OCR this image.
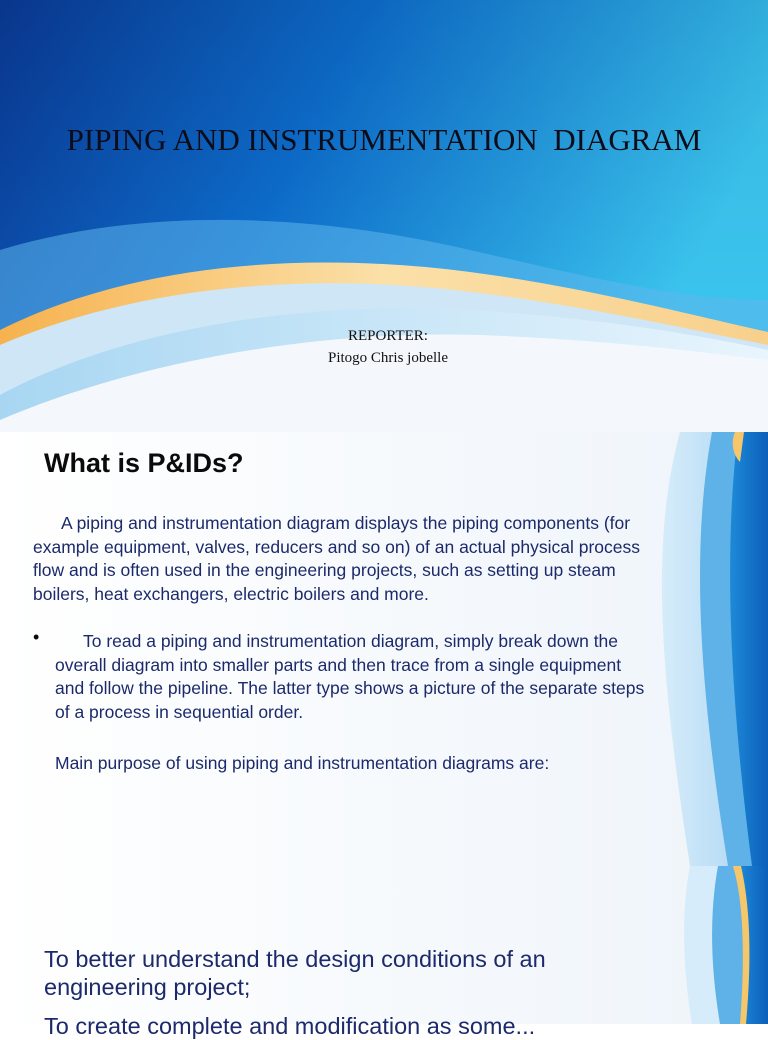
PIPING AND INSTRUMENTATION  DIAGRAM
REPORTER:
Pitogo Chris jobelle
What is P&IDs?
A piping and instrumentation diagram displays the piping components (for example equipment, valves, reducers and so on) of an actual physical process flow and is often used in the engineering projects, such as setting up steam boilers, heat exchangers, electric boilers and more.
•	To read a piping and instrumentation diagram, simply break down the overall diagram into smaller parts and then trace from a single equipment and follow the pipeline. The latter type shows a picture of the separate steps of a process in sequential order.
Main purpose of using piping and instrumentation diagrams are:
To better understand the design conditions of an engineering project;
To create complete and modification as some...
